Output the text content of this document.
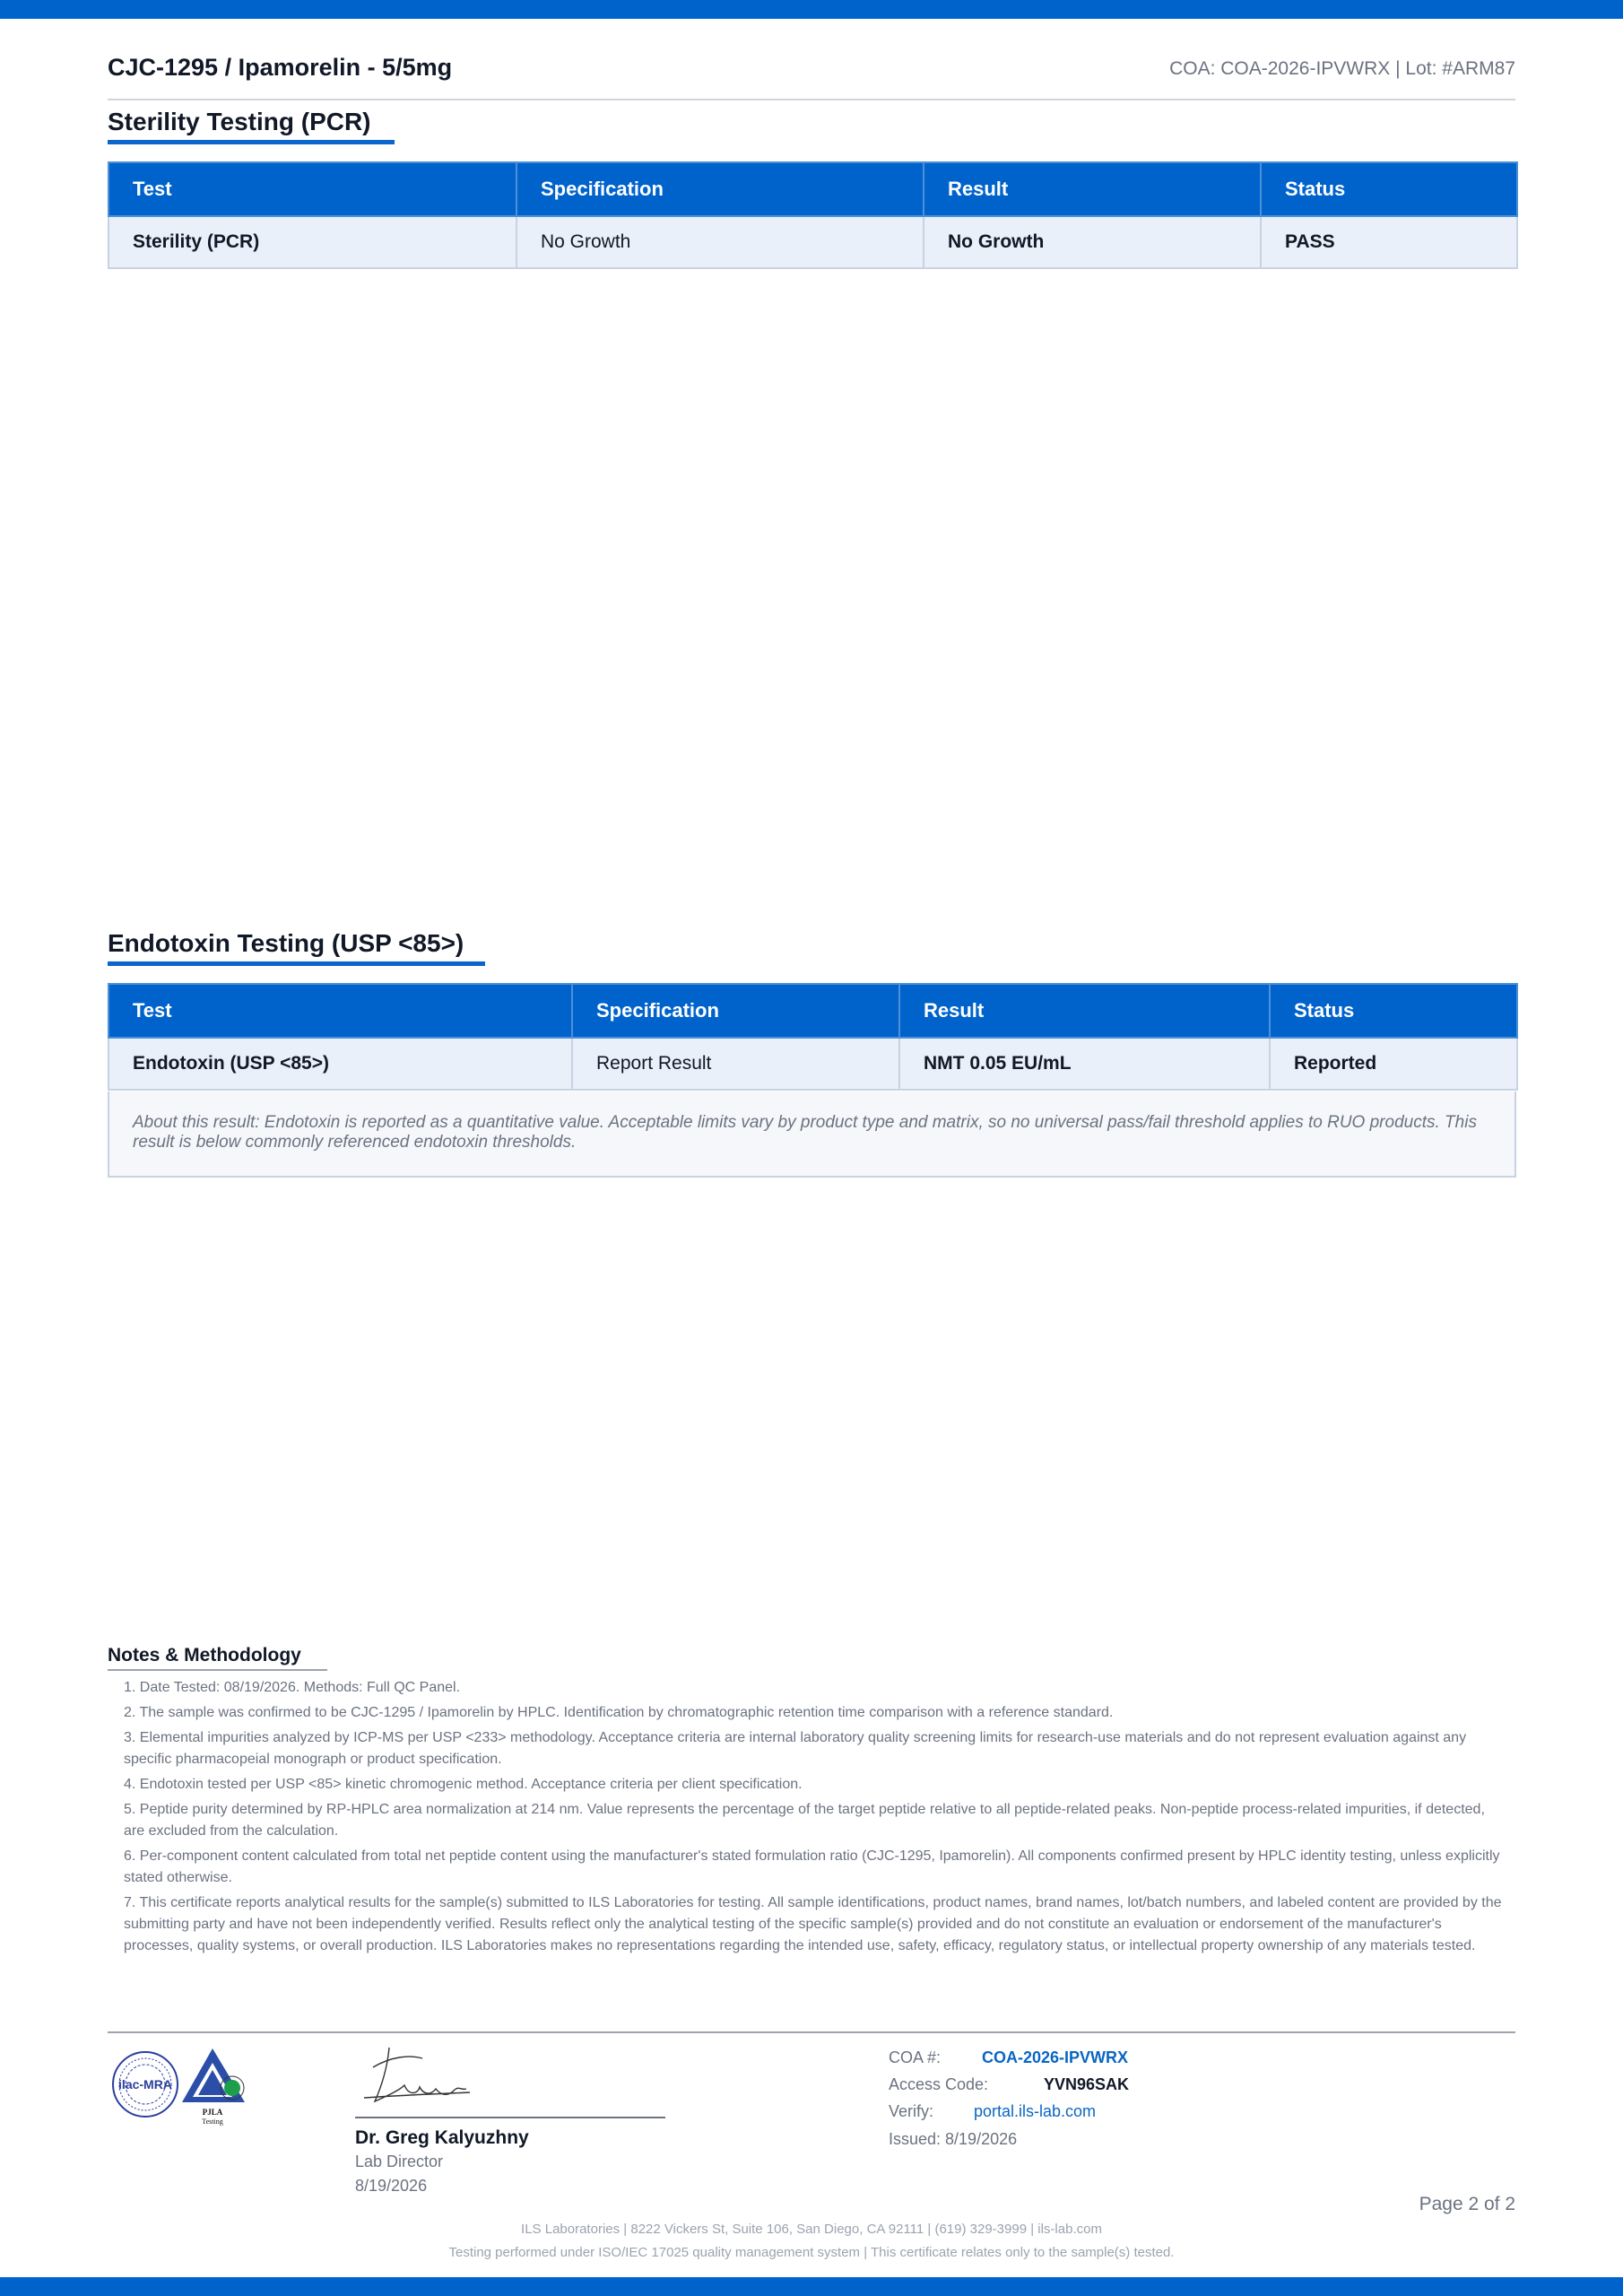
CJC-1295 / Ipamorelin - 5/5mg	COA: COA-2026-IPVWRX | Lot: #ARM87
Sterility Testing (PCR)
Test	Specification	Result	Status
Sterility (PCR)	No Growth	No Growth	PASS
Endotoxin Testing (USP <85>)
Test	Specification	Result	Status
Endotoxin (USP <85>)	Report Result	NMT 0.05 EU/mL	Reported
About this result: Endotoxin is reported as a quantitative value. Acceptable limits vary by product type and matrix, so no universal pass/fail threshold applies to RUO products. This result is below commonly referenced endotoxin thresholds.
Notes & Methodology
1. Date Tested: 08/19/2026. Methods: Full QC Panel.
2. The sample was confirmed to be CJC-1295 / Ipamorelin by HPLC. Identification by chromatographic retention time comparison with a reference standard.
3. Elemental impurities analyzed by ICP-MS per USP <233> methodology. Acceptance criteria are internal laboratory quality screening limits for research-use materials and do not represent evaluation against any specific pharmacopeial monograph or product specification.
4. Endotoxin tested per USP <85> kinetic chromogenic method. Acceptance criteria per client specification.
5. Peptide purity determined by RP-HPLC area normalization at 214 nm. Value represents the percentage of the target peptide relative to all peptide-related peaks. Non-peptide process-related impurities, if detected, are excluded from the calculation.
6. Per-component content calculated from total net peptide content using the manufacturer's stated formulation ratio (CJC-1295, Ipamorelin). All components confirmed present by HPLC identity testing, unless explicitly stated otherwise.
7. This certificate reports analytical results for the sample(s) submitted to ILS Laboratories for testing. All sample identifications, product names, brand names, lot/batch numbers, and labeled content are provided by the submitting party and have not been independently verified. Results reflect only the analytical testing of the specific sample(s) provided and do not constitute an evaluation or endorsement of the manufacturer's processes, quality systems, or overall production. ILS Laboratories makes no representations regarding the intended use, safety, efficacy, regulatory status, or intellectual property ownership of any materials tested.
ilac-MRA
PJLA
Testing
Dr. Greg Kalyuzhny
Lab Director
8/19/2026
COA #:	COA-2026-IPVWRX
Access Code:	YVN96SAK
Verify: portal.ils-lab.com
Issued: 8/19/2026
Page 2 of 2
ILS Laboratories | 8222 Vickers St, Suite 106, San Diego, CA 92111 | (619) 329-3999 | ils-lab.com
Testing performed under ISO/IEC 17025 quality management system | This certificate relates only to the sample(s) tested.
